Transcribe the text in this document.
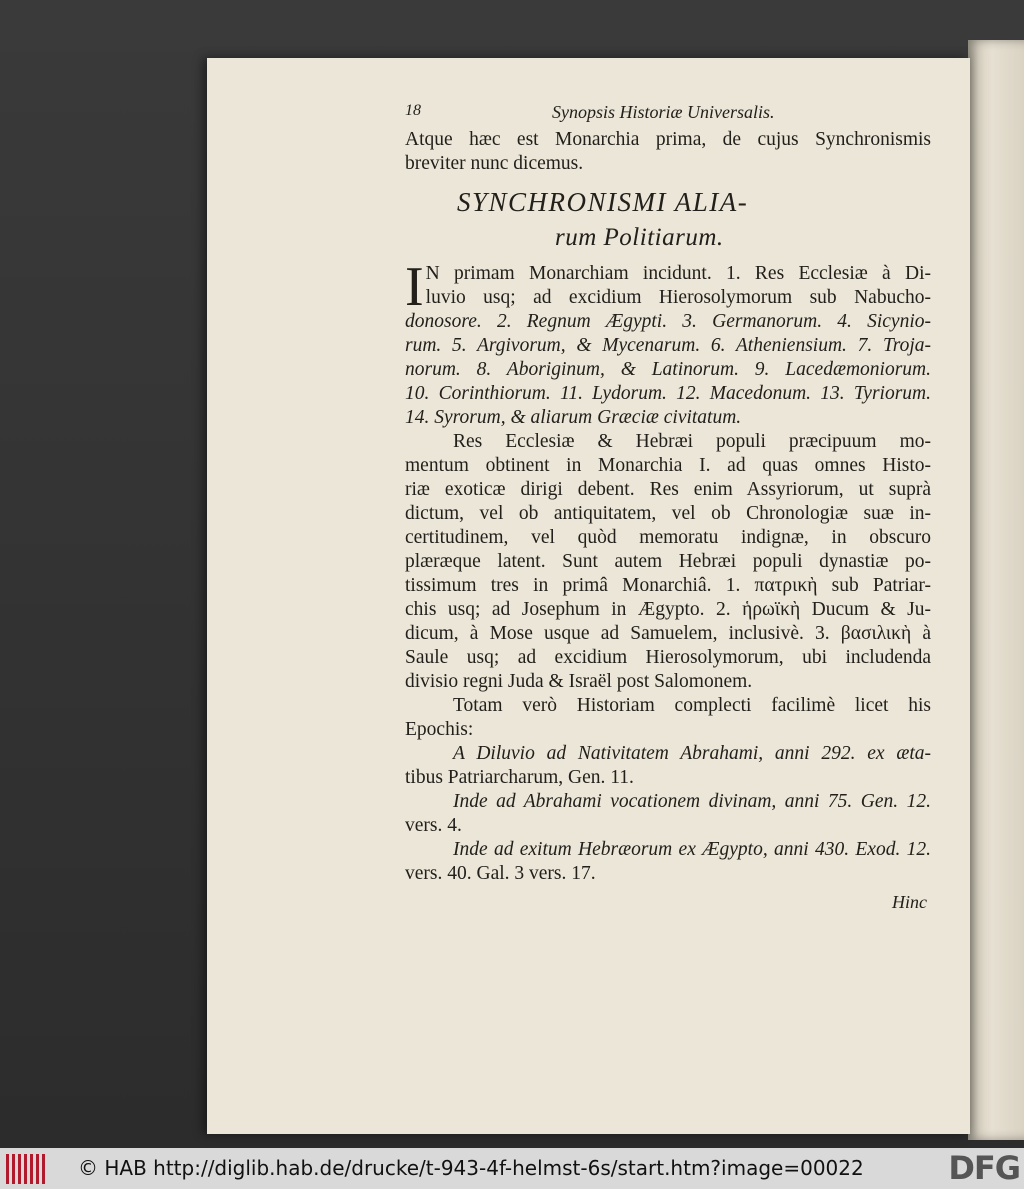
18	Synopsis Historiæ Universalis.
Atque hæc est Monarchia prima, de cujus Synchronismis
breviter nunc dicemus.
SYNCHRONISMI ALIA-
rum Politiarum.
I N primam Monarchiam incidunt. 1. Res Ecclesiæ à Di-
luvio usq; ad excidium Hierosolymorum sub Nabucho-
donosore. 2. Regnum Ægypti. 3. Germanorum. 4. Sicynio-
rum. 5. Argivorum, & Mycenarum. 6. Atheniensium. 7. Troja-
norum. 8. Aboriginum, & Latinorum. 9. Lacedæmoniorum.
10. Corinthiorum. 11. Lydorum. 12. Macedonum. 13. Tyriorum.
14. Syrorum, & aliarum Græciæ civitatum.
Res Ecclesiæ & Hebræi populi præcipuum mo-
mentum obtinent in Monarchia I. ad quas omnes Histo-
riæ exoticæ dirigi debent. Res enim Assyriorum, ut suprà
dictum, vel ob antiquitatem, vel ob Chronologiæ suæ in-
certitudinem, vel quòd memoratu indignæ, in obscuro
plæræque latent. Sunt autem Hebræi populi dynastiæ po-
tissimum tres in primâ Monarchiâ. 1. πατρικὴ sub Patriar-
chis usq; ad Josephum in Ægypto. 2. ἡρωϊκὴ Ducum & Ju-
dicum, à Mose usque ad Samuelem, inclusivè. 3. βασιλικὴ à
Saule usq; ad excidium Hierosolymorum, ubi includenda
divisio regni Juda & Israël post Salomonem.
Totam verò Historiam complecti facilimè licet his
Epochis:
A Diluvio ad Nativitatem Abrahami, anni 292. ex æta-
tibus Patriarcharum, Gen. 11.
Inde ad Abrahami vocationem divinam, anni 75. Gen. 12.
vers. 4.
Inde ad exitum Hebræorum ex Ægypto, anni 430. Exod. 12.
vers. 40. Gal. 3 vers. 17.
Hinc
© HAB http://diglib.hab.de/drucke/t-943-4f-helmst-6s/start.htm?image=00022	DFG
